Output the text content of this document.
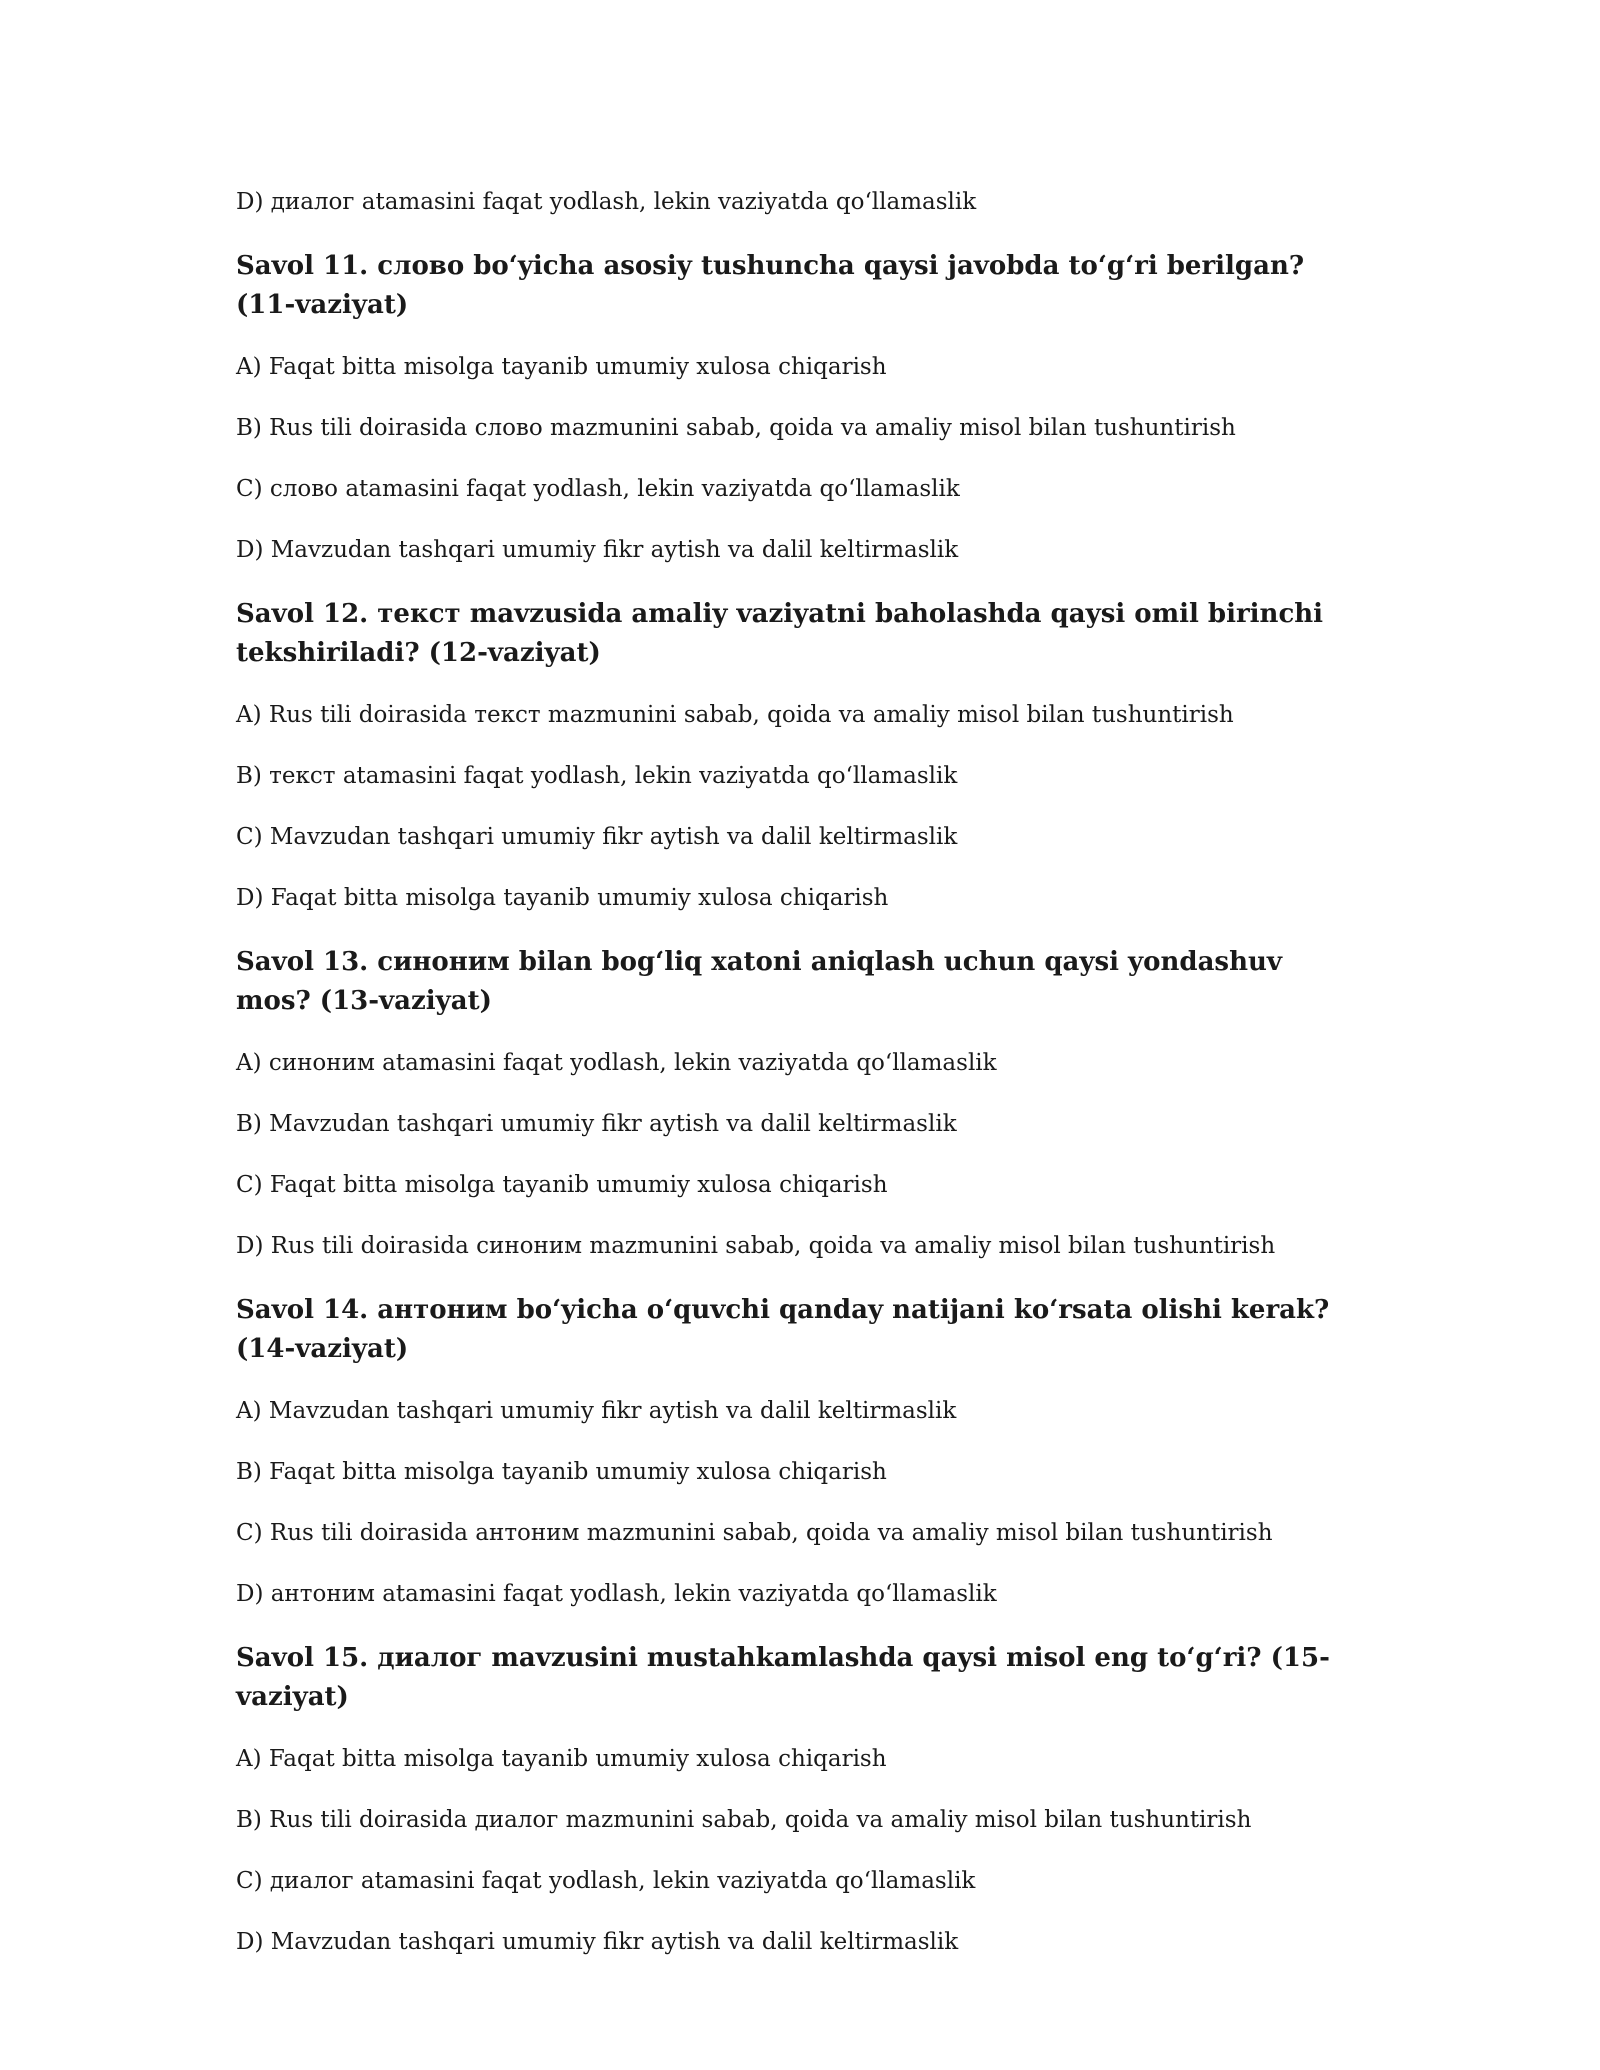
D) диалог atamasini faqat yodlash, lekin vaziyatda qo‘llamaslik
Savol 11. слово bo‘yicha asosiy tushuncha qaysi javobda to‘g‘ri berilgan? (11-vaziyat)
A) Faqat bitta misolga tayanib umumiy xulosa chiqarish
B) Rus tili doirasida слово mazmunini sabab, qoida va amaliy misol bilan tushuntirish
C) слово atamasini faqat yodlash, lekin vaziyatda qo‘llamaslik
D) Mavzudan tashqari umumiy fikr aytish va dalil keltirmaslik
Savol 12. текст mavzusida amaliy vaziyatni baholashda qaysi omil birinchi tekshiriladi? (12-vaziyat)
A) Rus tili doirasida текст mazmunini sabab, qoida va amaliy misol bilan tushuntirish
B) текст atamasini faqat yodlash, lekin vaziyatda qo‘llamaslik
C) Mavzudan tashqari umumiy fikr aytish va dalil keltirmaslik
D) Faqat bitta misolga tayanib umumiy xulosa chiqarish
Savol 13. синоним bilan bog‘liq xatoni aniqlash uchun qaysi yondashuv mos? (13-vaziyat)
A) синоним atamasini faqat yodlash, lekin vaziyatda qo‘llamaslik
B) Mavzudan tashqari umumiy fikr aytish va dalil keltirmaslik
C) Faqat bitta misolga tayanib umumiy xulosa chiqarish
D) Rus tili doirasida синоним mazmunini sabab, qoida va amaliy misol bilan tushuntirish
Savol 14. антоним bo‘yicha o‘quvchi qanday natijani ko‘rsata olishi kerak? (14-vaziyat)
A) Mavzudan tashqari umumiy fikr aytish va dalil keltirmaslik
B) Faqat bitta misolga tayanib umumiy xulosa chiqarish
C) Rus tili doirasida антоним mazmunini sabab, qoida va amaliy misol bilan tushuntirish
D) антоним atamasini faqat yodlash, lekin vaziyatda qo‘llamaslik
Savol 15. диалог mavzusini mustahkamlashda qaysi misol eng to‘g‘ri? (15-vaziyat)
A) Faqat bitta misolga tayanib umumiy xulosa chiqarish
B) Rus tili doirasida диалог mazmunini sabab, qoida va amaliy misol bilan tushuntirish
C) диалог atamasini faqat yodlash, lekin vaziyatda qo‘llamaslik
D) Mavzudan tashqari umumiy fikr aytish va dalil keltirmaslik
